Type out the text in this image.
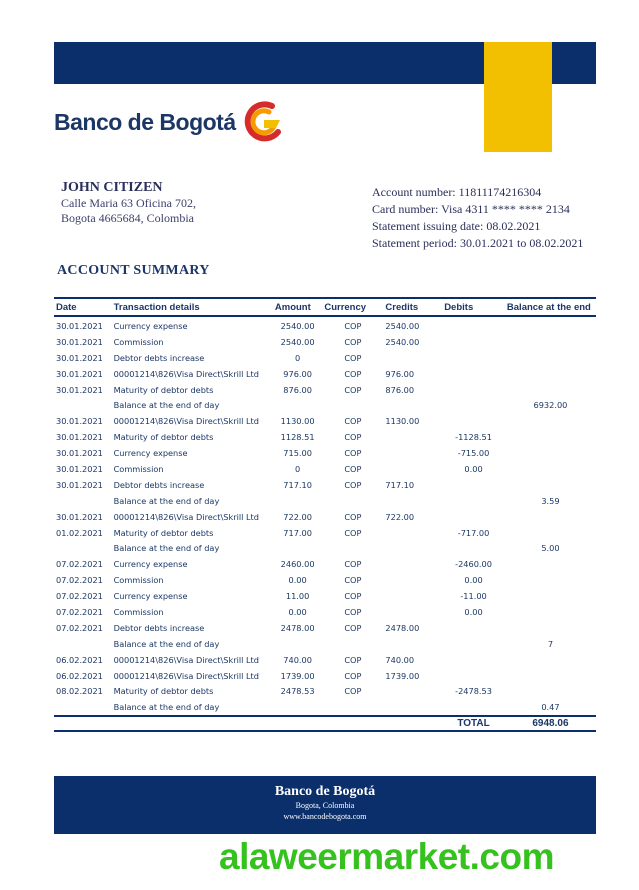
Banco de Bogotá
JOHN CITIZEN
Calle Maria 63 Oficina 702,
Bogota 4665684, Colombia
Account number: 11811174216304
Card number: Visa 4311 **** **** 2134
Statement issuing date: 08.02.2021
Statement period: 30.01.2021 to 08.02.2021
ACCOUNT SUMMARY
Date	Transaction details	Amount	Currency	Credits	Debits	Balance at the end
30.01.2021	Currency expense	2540.00	COP	2540.00		
30.01.2021	Commission	2540.00	COP	2540.00		
30.01.2021	Debtor debts increase	0	COP			
30.01.2021	00001214\826\Visa Direct\Skrill Ltd	976.00	COP	976.00		
30.01.2021	Maturity of debtor debts	876.00	COP	876.00		
	Balance at the end of day					6932.00
30.01.2021	00001214\826\Visa Direct\Skrill Ltd	1130.00	COP	1130.00		
30.01.2021	Maturity of debtor debts	1128.51	COP		-1128.51	
30.01.2021	Currency expense	715.00	COP		-715.00	
30.01.2021	Commission	0	COP		0.00	
30.01.2021	Debtor debts increase	717.10	COP	717.10		
	Balance at the end of day					3.59
30.01.2021	00001214\826\Visa Direct\Skrill Ltd	722.00	COP	722.00		
01.02.2021	Maturity of debtor debts	717.00	COP		-717.00	
	Balance at the end of day					5.00
07.02.2021	Currency expense	2460.00	COP		-2460.00	
07.02.2021	Commission	0.00	COP		0.00	
07.02.2021	Currency expense	11.00	COP		-11.00	
07.02.2021	Commission	0.00	COP		0.00	
07.02.2021	Debtor debts increase	2478.00	COP	2478.00		
	Balance at the end of day					7
06.02.2021	00001214\826\Visa Direct\Skrill Ltd	740.00	COP	740.00		
06.02.2021	00001214\826\Visa Direct\Skrill Ltd	1739.00	COP	1739.00		
08.02.2021	Maturity of debtor debts	2478.53	COP		-2478.53	
	Balance at the end of day					0.47
					TOTAL	6948.06
Banco de Bogotá
Bogota, Colombia
www.bancodebogota.com
alaweermarket.com
